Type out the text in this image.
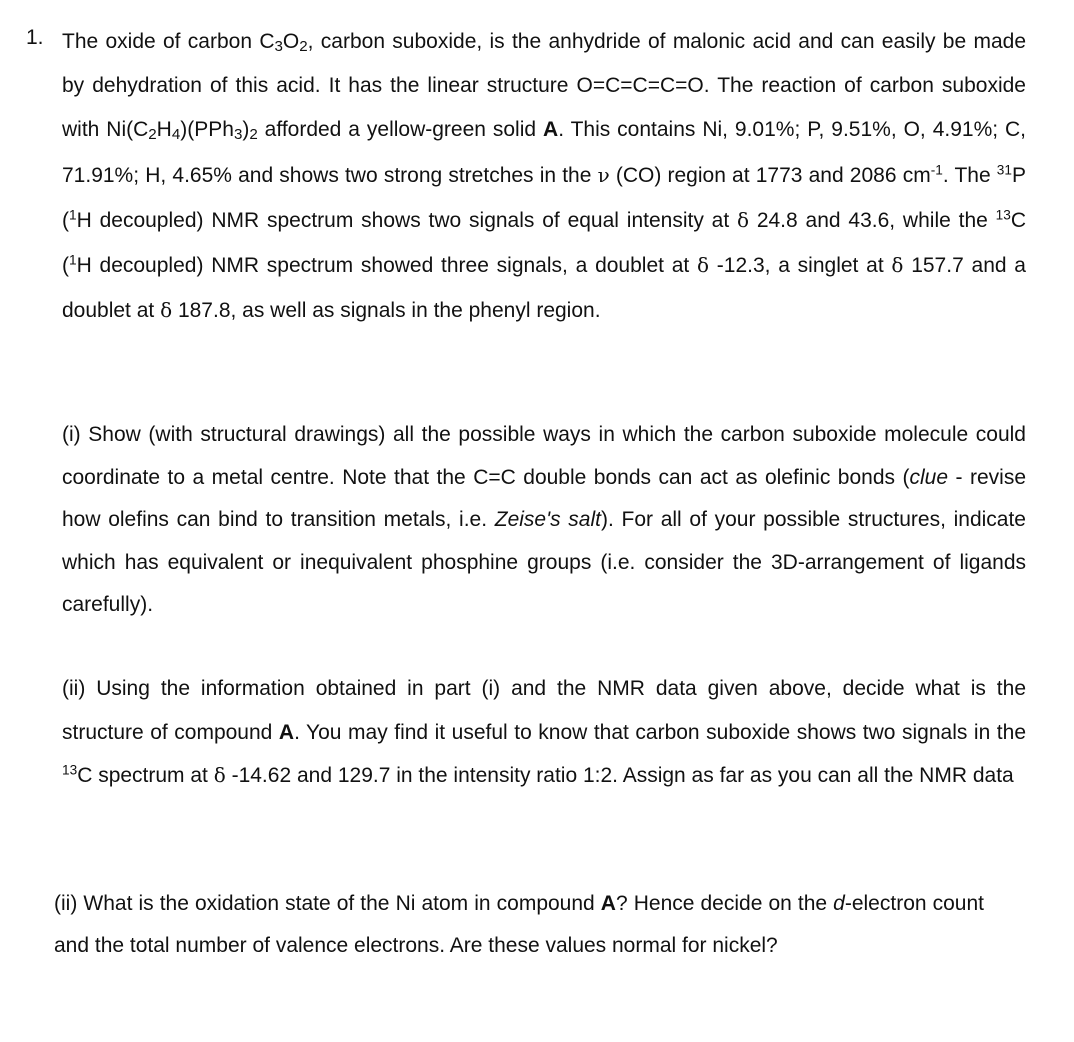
1. The oxide of carbon $C_3O_2$, carbon suboxide, is the anhydride of malonic acid and can easily be made by dehydration of this acid. It has the linear structure O=C=C=C=O. The reaction of carbon suboxide with $Ni(C_2H_4)(PPh_3)_2$ afforded a yellow-green solid A. This contains Ni, 9.01%; P, 9.51%, O, 4.91%; C, 71.91%; H, 4.65% and shows two strong stretches in the ν (CO) region at 1773 and 2086 $cm^{-1}$. The $^{31}$P ($^1$H decoupled) NMR spectrum shows two signals of equal intensity at δ 24.8 and 43.6, while the $^{13}$C ($^1$H decoupled) NMR spectrum showed three signals, a doublet at δ -12.3, a singlet at δ 157.7 and a doublet at δ 187.8, as well as signals in the phenyl region.
(i) Show (with structural drawings) all the possible ways in which the carbon suboxide molecule could coordinate to a metal centre. Note that the C=C double bonds can act as olefinic bonds (clue - revise how olefins can bind to transition metals, i.e. Zeise's salt). For all of your possible structures, indicate which has equivalent or inequivalent phosphine groups (i.e. consider the 3D-arrangement of ligands carefully).
(ii) Using the information obtained in part (i) and the NMR data given above, decide what is the structure of compound A. You may find it useful to know that carbon suboxide shows two signals in the $^{13}$C spectrum at δ -14.62 and 129.7 in the intensity ratio 1:2. Assign as far as you can all the NMR data
(ii) What is the oxidation state of the Ni atom in compound A? Hence decide on the d-electron count and the total number of valence electrons. Are these values normal for nickel?
